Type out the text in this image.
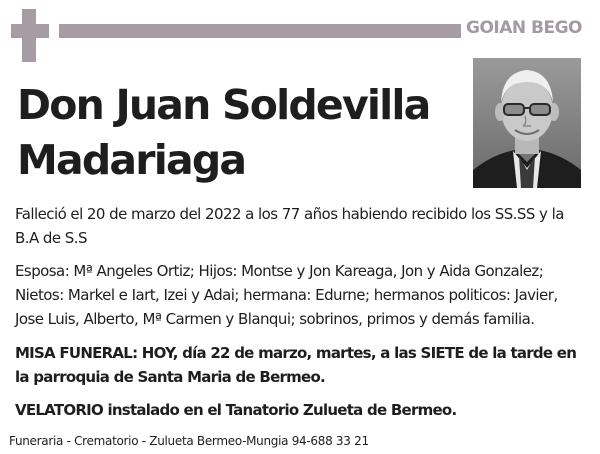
GOIAN BEGO
Don Juan Soldevilla Madariaga

Falleció el 20 de marzo del 2022 a los 77 años habiendo recibido los SS.SS y la B.A de S.S

Esposa: Mª Angeles Ortiz; Hijos: Montse y Jon Kareaga, Jon y Aida Gonzalez; Nietos: Markel e Iart, Izei y Adai; hermana: Edurne; hermanos politicos: Javier, Jose Luis, Alberto, Mª Carmen y Blanqui; sobrinos, primos y demás familia.

MISA FUNERAL: HOY, día 22 de marzo, martes, a las SIETE de la tarde en la parroquia de Santa Maria de Bermeo.

VELATORIO instalado en el Tanatorio Zulueta de Bermeo.

Funeraria - Crematorio - Zulueta Bermeo-Mungia 94-688 33 21
